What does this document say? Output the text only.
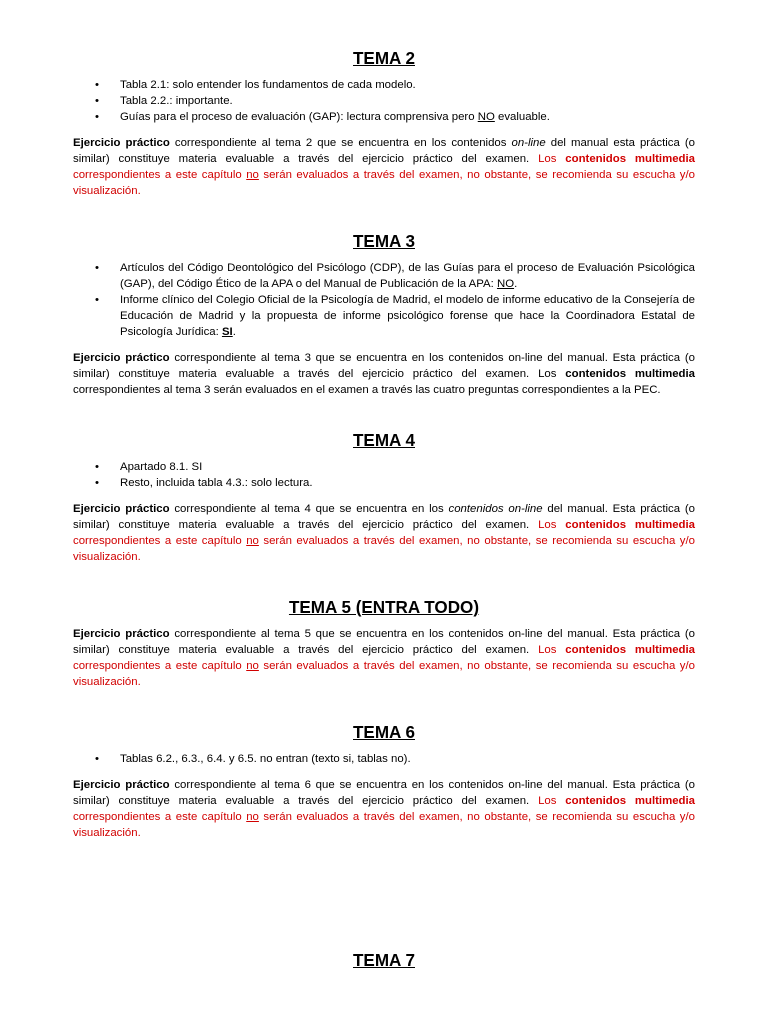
TEMA 2
• Tabla 2.1: solo entender los fundamentos de cada modelo.
• Tabla 2.2.: importante.
• Guías para el proceso de evaluación (GAP): lectura comprensiva pero NO evaluable.

Ejercicio práctico correspondiente al tema 2 que se encuentra en los contenidos on-line del manual esta práctica (o similar) constituye materia evaluable a través del ejercicio práctico del examen. Los contenidos multimedia correspondientes a este capítulo no serán evaluados a través del examen, no obstante, se recomienda su escucha y/o visualización.

TEMA 3
• Artículos del Código Deontológico del Psicólogo (CDP), de las Guías para el proceso de Evaluación Psicológica (GAP), del Código Ético de la APA o del Manual de Publicación de la APA: NO.
• Informe clínico del Colegio Oficial de la Psicología de Madrid, el modelo de informe educativo de la Consejería de Educación de Madrid y la propuesta de informe psicológico forense que hace la Coordinadora Estatal de Psicología Jurídica: SI.

Ejercicio práctico correspondiente al tema 3 que se encuentra en los contenidos on-line del manual. Esta práctica (o similar) constituye materia evaluable a través del ejercicio práctico del examen. Los contenidos multimedia correspondientes al tema 3 serán evaluados en el examen a través las cuatro preguntas correspondientes a la PEC.

TEMA 4
• Apartado 8.1. SI
• Resto, incluida tabla 4.3.: solo lectura.

Ejercicio práctico correspondiente al tema 4 que se encuentra en los contenidos on-line del manual. Esta práctica (o similar) constituye materia evaluable a través del ejercicio práctico del examen. Los contenidos multimedia correspondientes a este capítulo no serán evaluados a través del examen, no obstante, se recomienda su escucha y/o visualización.

TEMA 5 (ENTRA TODO)

Ejercicio práctico correspondiente al tema 5 que se encuentra en los contenidos on-line del manual. Esta práctica (o similar) constituye materia evaluable a través del ejercicio práctico del examen. Los contenidos multimedia correspondientes a este capítulo no serán evaluados a través del examen, no obstante, se recomienda su escucha y/o visualización.

TEMA 6
• Tablas 6.2., 6.3., 6.4. y 6.5. no entran (texto si, tablas no).

Ejercicio práctico correspondiente al tema 6 que se encuentra en los contenidos on-line del manual. Esta práctica (o similar) constituye materia evaluable a través del ejercicio práctico del examen. Los contenidos multimedia correspondientes a este capítulo no serán evaluados a través del examen, no obstante, se recomienda su escucha y/o visualización.

TEMA 7
